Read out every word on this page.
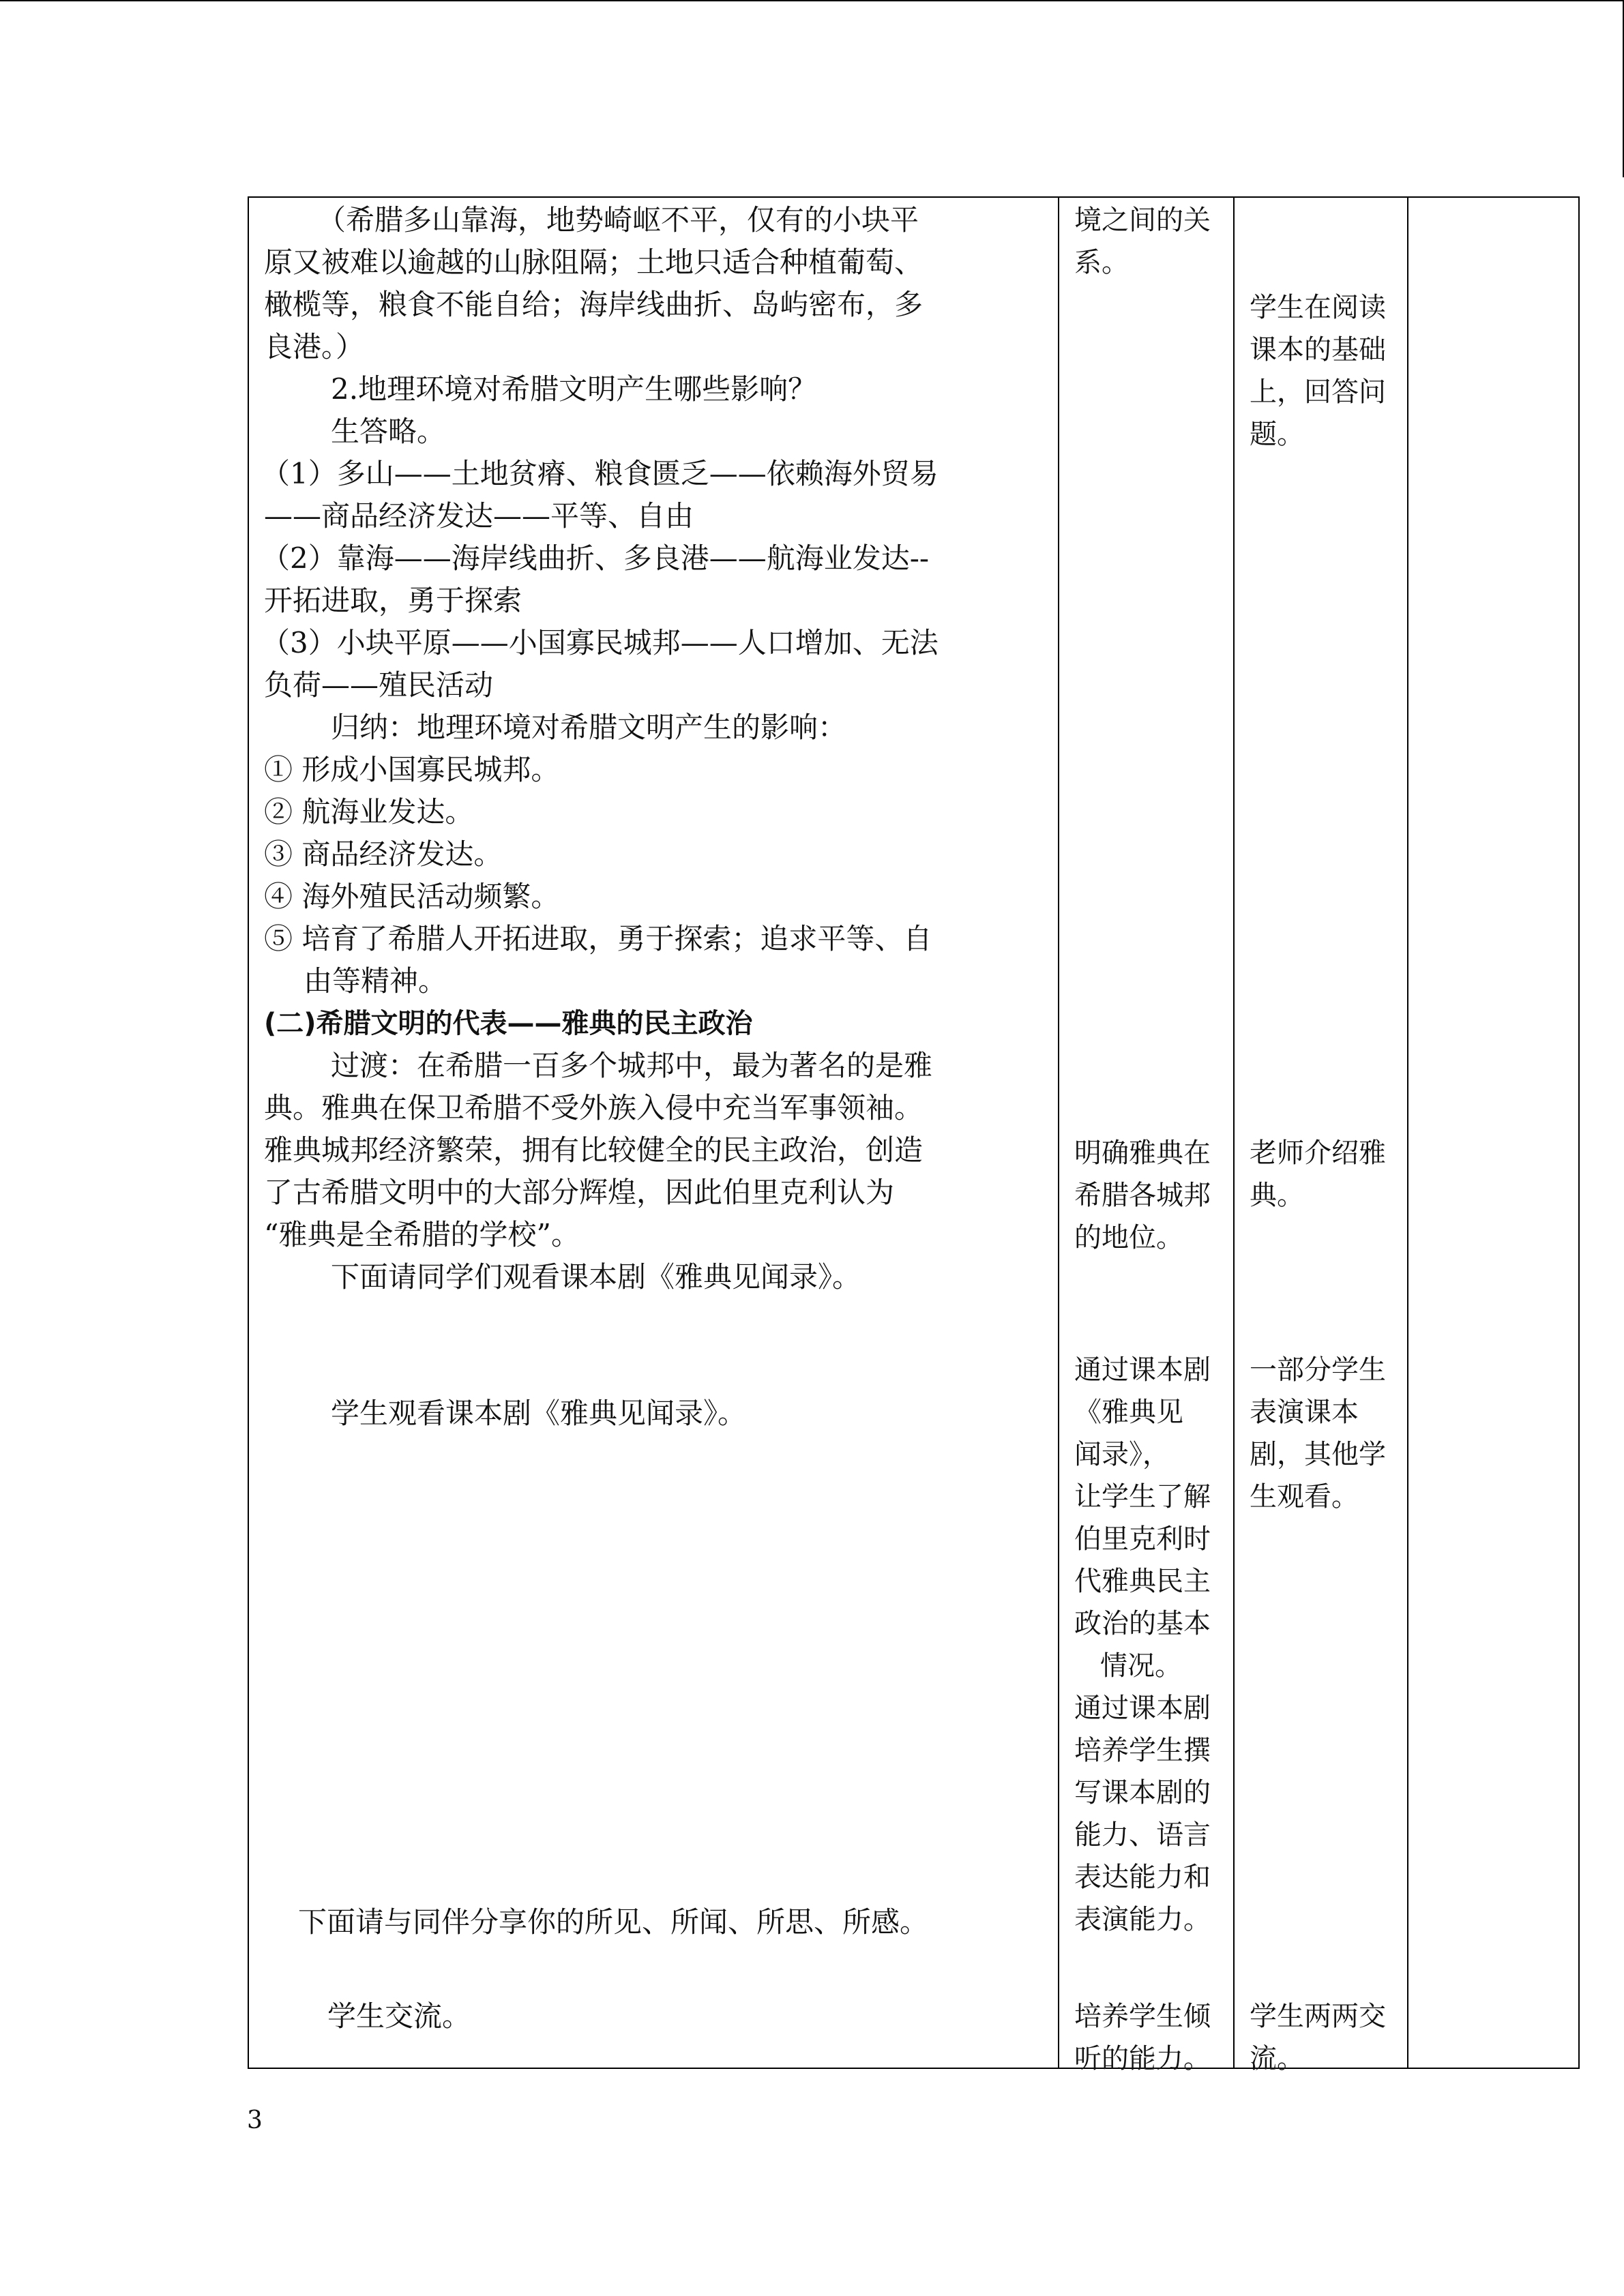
（希腊多山靠海，地势崎岖不平，仅有的小块平
原又被难以逾越的山脉阻隔；土地只适合种植葡萄、
橄榄等，粮食不能自给；海岸线曲折、岛屿密布，多
良港。）
2.地理环境对希腊文明产生哪些影响？
生答略。
（1）多山——土地贫瘠、粮食匮乏——依赖海外贸易
——商品经济发达——平等、自由
（2）靠海——海岸线曲折、多良港——航海业发达--
开拓进取，勇于探索
（3）小块平原——小国寡民城邦——人口增加、无法
负荷——殖民活动
归纳：地理环境对希腊文明产生的影响：
① 形成小国寡民城邦。
② 航海业发达。
③ 商品经济发达。
④ 海外殖民活动频繁。
⑤ 培育了希腊人开拓进取，勇于探索；追求平等、自
由等精神。
(二)希腊文明的代表——雅典的民主政治
过渡：在希腊一百多个城邦中，最为著名的是雅
典。雅典在保卫希腊不受外族入侵中充当军事领袖。
雅典城邦经济繁荣，拥有比较健全的民主政治，创造
了古希腊文明中的大部分辉煌，因此伯里克利认为
“雅典是全希腊的学校”。
下面请同学们观看课本剧《雅典见闻录》。
学生观看课本剧《雅典见闻录》。
下面请与同伴分享你的所见、所闻、所思、所感。
学生交流。
境之间的关
系。
明确雅典在
希腊各城邦
的地位。
通过课本剧
《雅典见
闻录》，
让学生了解
伯里克利时
代雅典民主
政治的基本
情况。
通过课本剧
培养学生撰
写课本剧的
能力、语言
表达能力和
表演能力。
培养学生倾
听的能力。
学生在阅读
课本的基础
上，回答问
题。
老师介绍雅
典。
一部分学生
表演课本
剧，其他学
生观看。
学生两两交
流。
3
